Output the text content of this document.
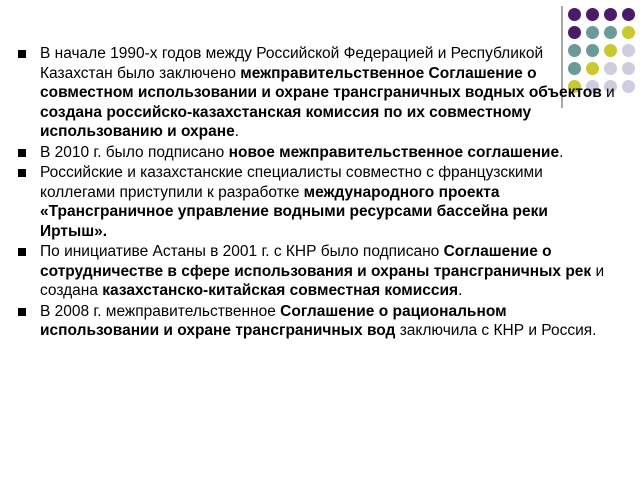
В начале 1990-х годов между Российской Федерацией и Республикой Казахстан было заключено межправительственное Соглашение о совместном использовании и охране трансграничных водных объектов и создана российско-казахстанская комиссия по их совместному использованию и охране.
В 2010 г. было подписано новое межправительственное соглашение.
Российские и казахстанские специалисты совместно с французскими коллегами приступили к разработке международного проекта «Трансграничное управление водными ресурсами бассейна реки Иртыш».
По инициативе Астаны в 2001 г. с КНР было подписано Соглашение о сотрудничестве в сфере использования и охраны трансграничных рек и создана казахстанско-китайская совместная комиссия.
В 2008 г. межправительственное Соглашение о рациональном использовании и охране трансграничных вод заключила с КНР и Россия.
